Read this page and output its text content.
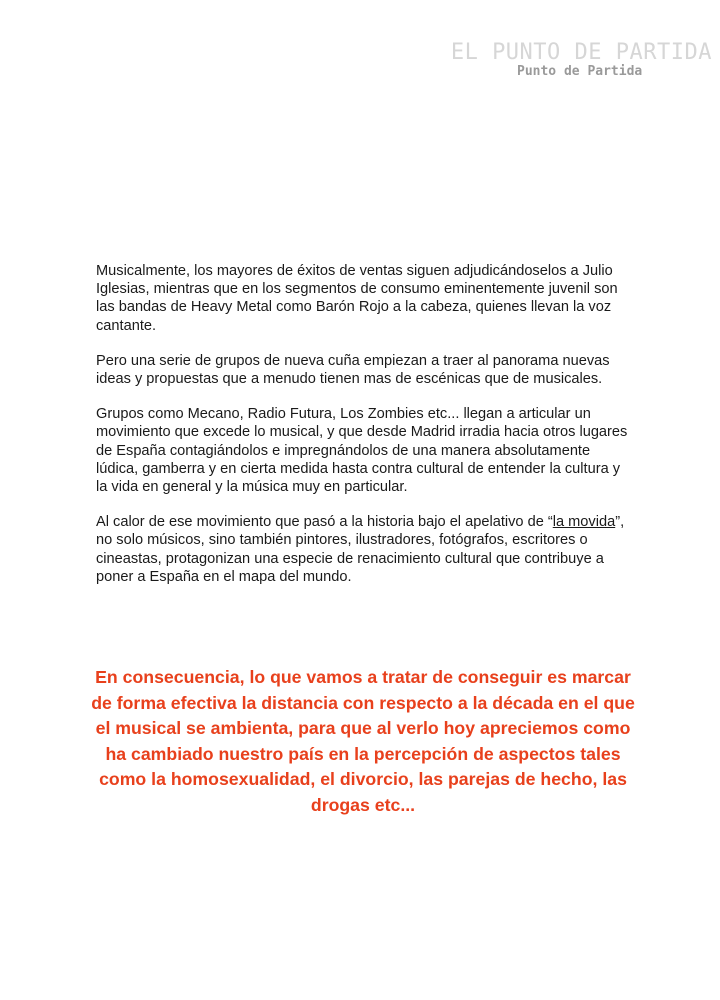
EL PUNTO DE PARTIDA
Punto de Partida

Musicalmente, los mayores de éxitos de ventas siguen adjudicándoselos a Julio Iglesias, mientras que en los segmentos de consumo eminentemente juvenil son las bandas de Heavy Metal como Barón Rojo a la cabeza, quienes llevan la voz cantante.

Pero una serie de grupos de nueva cuña empiezan a traer al panorama nuevas ideas y propuestas que a menudo tienen mas de escénicas que de musicales.

Grupos como Mecano, Radio Futura, Los Zombies etc... llegan a articular un movimiento que excede lo musical, y que desde Madrid irradia hacia otros lugares de España contagiándolos e impregnándolos de una manera absolutamente lúdica, gamberra y en cierta medida hasta contra cultural de entender la cultura y la vida en general y la música muy en particular.

Al calor de ese movimiento que pasó a la historia bajo el apelativo de “la movida”, no solo músicos, sino también pintores, ilustradores, fotógrafos, escritores o cineastas, protagonizan una especie de renacimiento cultural que contribuye a poner a España en el mapa del mundo.

En consecuencia, lo que vamos a tratar de conseguir es marcar de forma efectiva la distancia con respecto a la década en el que el musical se ambienta, para que al verlo hoy apreciemos como ha cambiado nuestro país en la percepción de aspectos tales como la homosexualidad, el divorcio, las parejas de hecho, las drogas etc...
